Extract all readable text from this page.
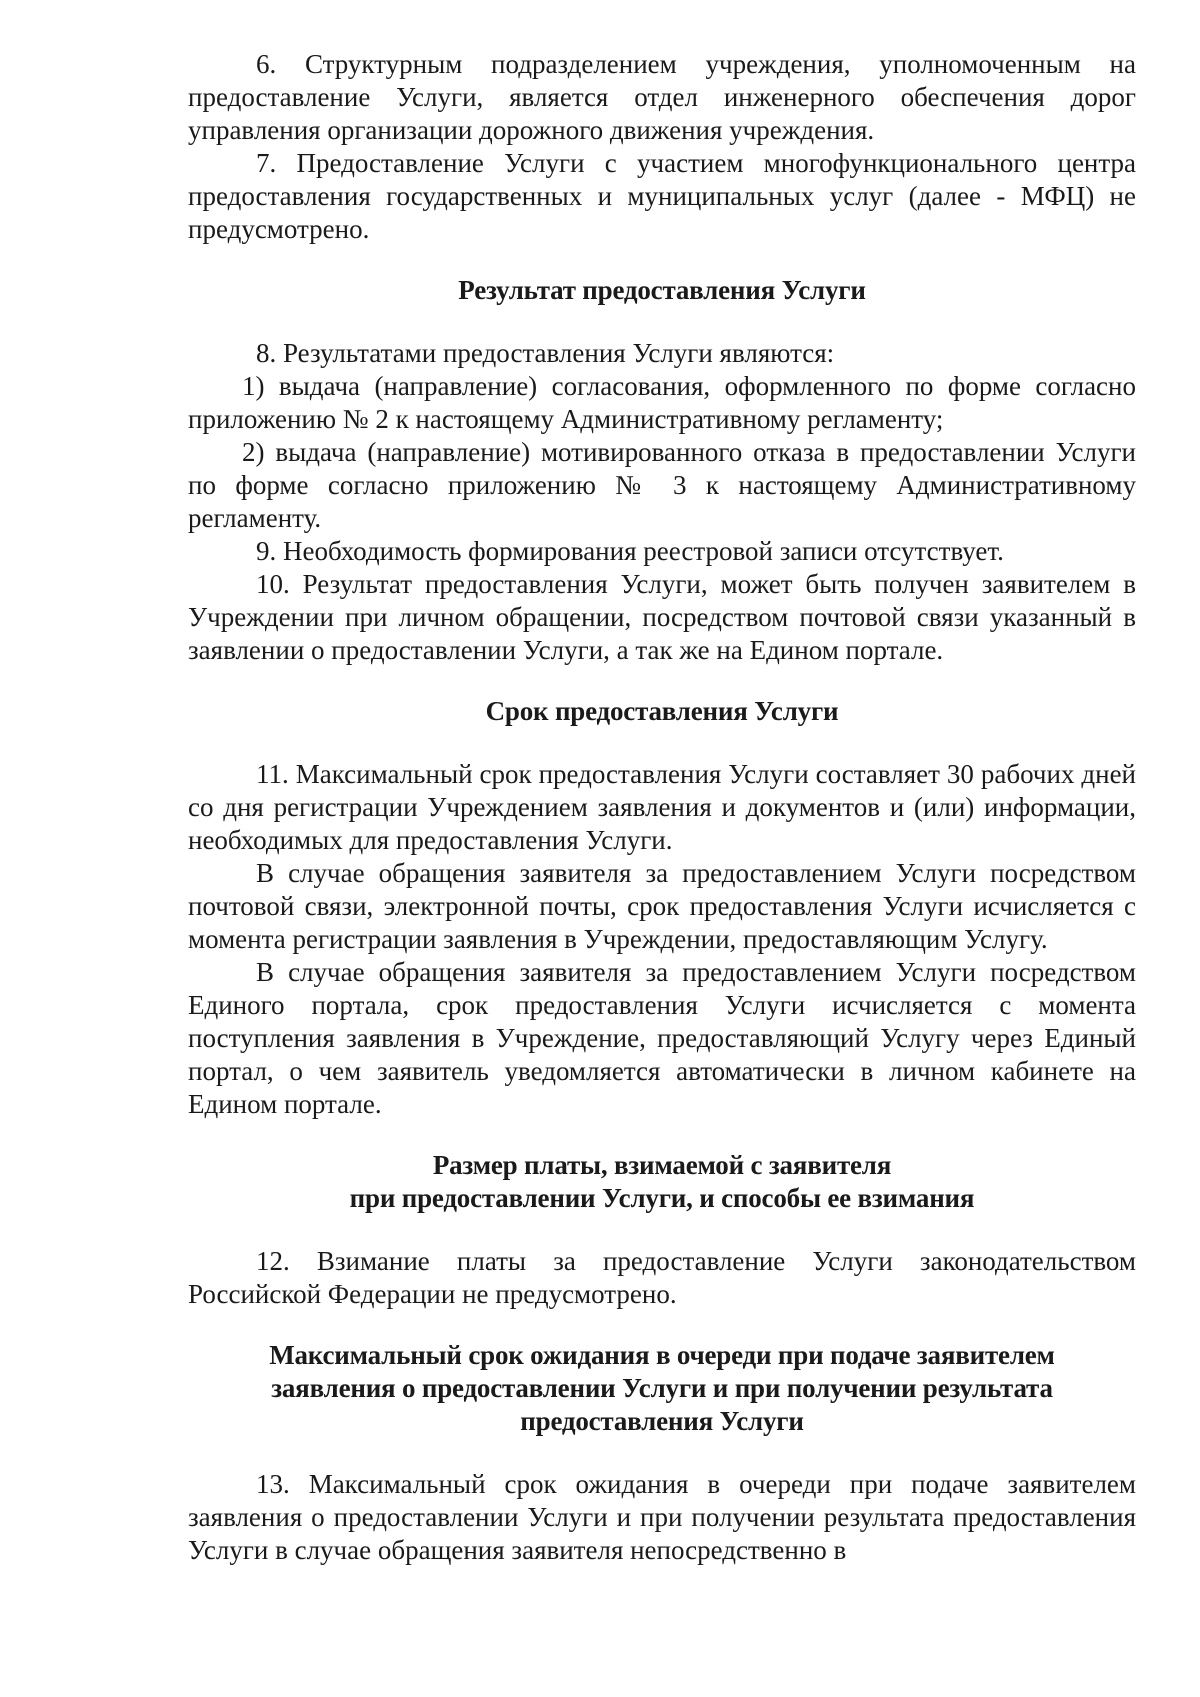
6. Структурным подразделением учреждения, уполномоченным на предоставление Услуги, является отдел инженерного обеспечения дорог управления организации дорожного движения учреждения.

7. Предоставление Услуги с участием многофункционального центра предоставления государственных и муниципальных услуг (далее - МФЦ) не предусмотрено.

Результат предоставления Услуги

8. Результатами предоставления Услуги являются:

1) выдача (направление) согласования, оформленного по форме согласно приложению № 2 к настоящему Административному регламенту;

2) выдача (направление) мотивированного отказа в предоставлении Услуги по форме согласно приложению № 3 к настоящему Административному регламенту.

9. Необходимость формирования реестровой записи отсутствует.

10. Результат предоставления Услуги, может быть получен заявителем в Учреждении при личном обращении, посредством почтовой связи указанный в заявлении о предоставлении Услуги, а так же на Едином портале.

Срок предоставления Услуги

11. Максимальный срок предоставления Услуги составляет 30 рабочих дней со дня регистрации Учреждением заявления и документов и (или) информации, необходимых для предоставления Услуги.

В случае обращения заявителя за предоставлением Услуги посредством почтовой связи, электронной почты, срок предоставления Услуги исчисляется с момента регистрации заявления в Учреждении, предоставляющим Услугу.

В случае обращения заявителя за предоставлением Услуги посредством Единого портала, срок предоставления Услуги исчисляется с момента поступления заявления в Учреждение, предоставляющий Услугу через Единый портал, о чем заявитель уведомляется автоматически в личном кабинете на Едином портале.

Размер платы, взимаемой с заявителя
при предоставлении Услуги, и способы ее взимания

12. Взимание платы за предоставление Услуги законодательством Российской Федерации не предусмотрено.

Максимальный срок ожидания в очереди при подаче заявителем
заявления о предоставлении Услуги и при получении результата
предоставления Услуги

13. Максимальный срок ожидания в очереди при подаче заявителем заявления о предоставлении Услуги и при получении результата предоставления Услуги в случае обращения заявителя непосредственно в
